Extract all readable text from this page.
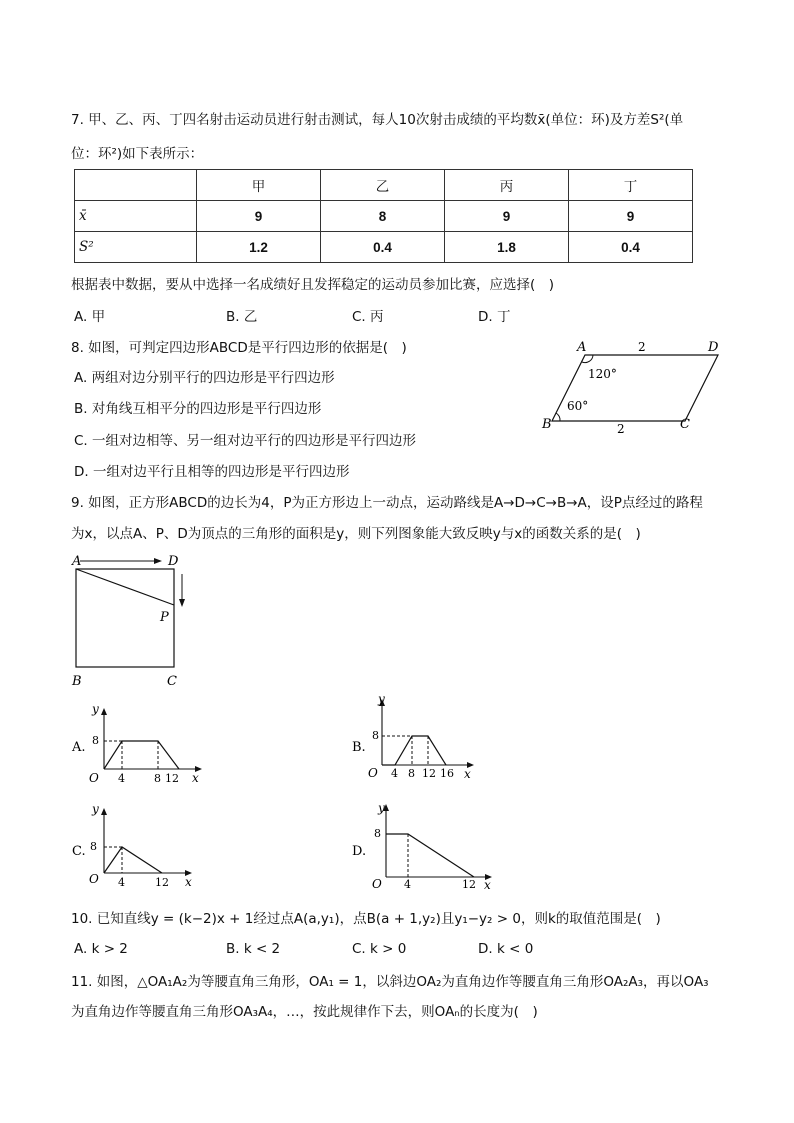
7. 甲、乙、丙、丁四名射击运动员进行射击测试，每人10次射击成绩的平均数x̄(单位：环)及方差S²(单
位：环²)如下表所示：
	甲	乙	丙	丁
x̄	9	8	9	9
S²	1.2	0.4	1.8	0.4
根据表中数据，要从中选择一名成绩好且发挥稳定的运动员参加比赛，应选择(　)
A. 甲	B. 乙	C. 丙	D. 丁
8. 如图，可判定四边形ABCD是平行四边形的依据是(　)
A. 两组对边分别平行的四边形是平行四边形
B. 对角线互相平分的四边形是平行四边形
C. 一组对边相等、另一组对边平行的四边形是平行四边形
D. 一组对边平行且相等的四边形是平行四边形
A
B	C
D
2
2
120°
60°
9. 如图，正方形ABCD的边长为4，P为正方形边上一动点，运动路线是A→D→C→B→A，设P点经过的路程
为x，以点A、P、D为顶点的三角形的面积是y，则下列图象能大致反映y与x的函数关系的是(　)
A	D
P
B	C
A.
y
x
O
8
4	8 12
B.
y
x
O
8
4 8 12 16
C.
y
x
O
8
4	12
D.
y
x
O
8
4	12
10. 已知直线y = (k−2)x + 1经过点A(a,y₁)，点B(a + 1,y₂)且y₁−y₂ > 0，则k的取值范围是(　)
A. k > 2	B. k < 2	C. k > 0	D. k < 0
11. 如图，△OA₁A₂为等腰直角三角形，OA₁ = 1，以斜边OA₂为直角边作等腰直角三角形OA₂A₃，再以OA₃
为直角边作等腰直角三角形OA₃A₄，…，按此规律作下去，则OAₙ的长度为(　)
